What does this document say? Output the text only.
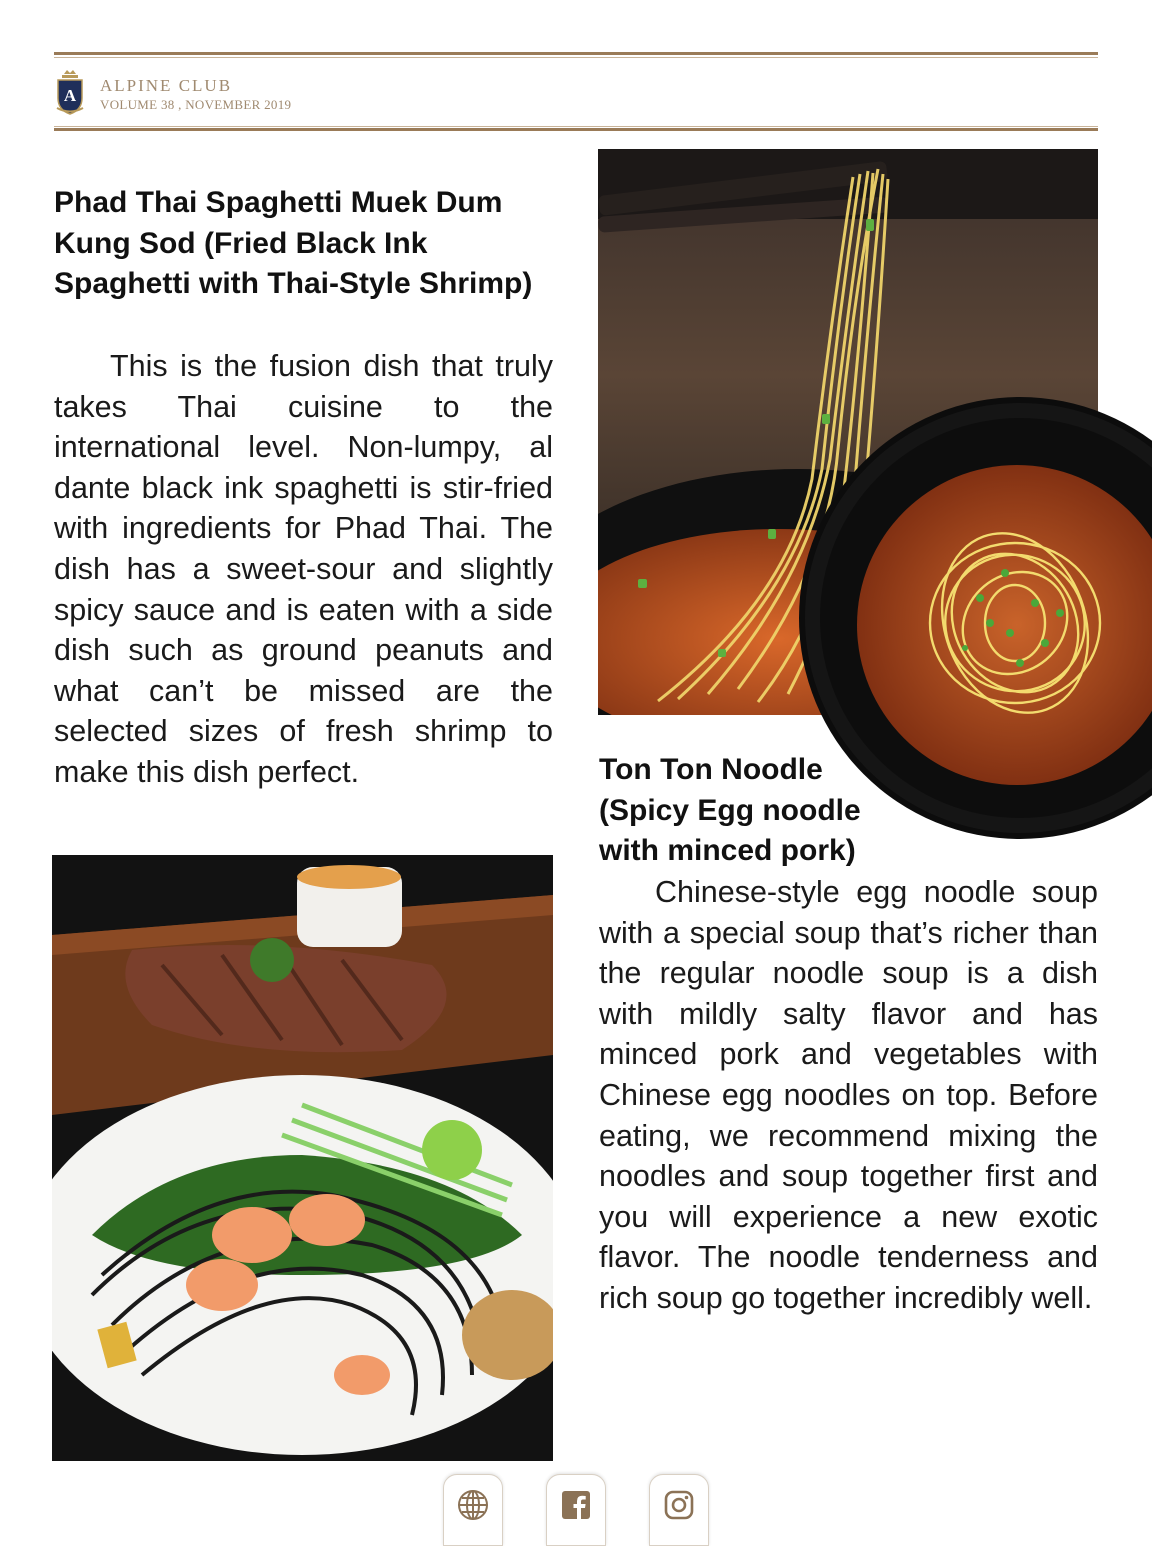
A
ALPINE CLUB
VOLUME 38 , NOVEMBER 2019
Phad Thai Spaghetti Muek Dum Kung Sod (Fried Black Ink Spaghetti with Thai-Style Shrimp)

This is the fusion dish that truly takes Thai cuisine to the international level. Non-lumpy, al dante black ink spaghetti is stir-fried with ingredients for Phad Thai. The dish has a sweet-sour and slightly spicy sauce and is eaten with a side dish such as ground peanuts and what can’t be missed are the selected sizes of fresh shrimp to make this dish perfect.	Ton Ton Noodle (Spicy Egg noodle with minced pork)

Chinese-style egg noodle soup with a special soup that’s richer than the regular noodle soup is a dish with mildly salty flavor and has minced pork and vegetables with Chinese egg noodles on top. Before eating, we recommend mixing the noodles and soup together first and you will experience a new exotic flavor. The noodle tenderness and rich soup go together incredibly well.
